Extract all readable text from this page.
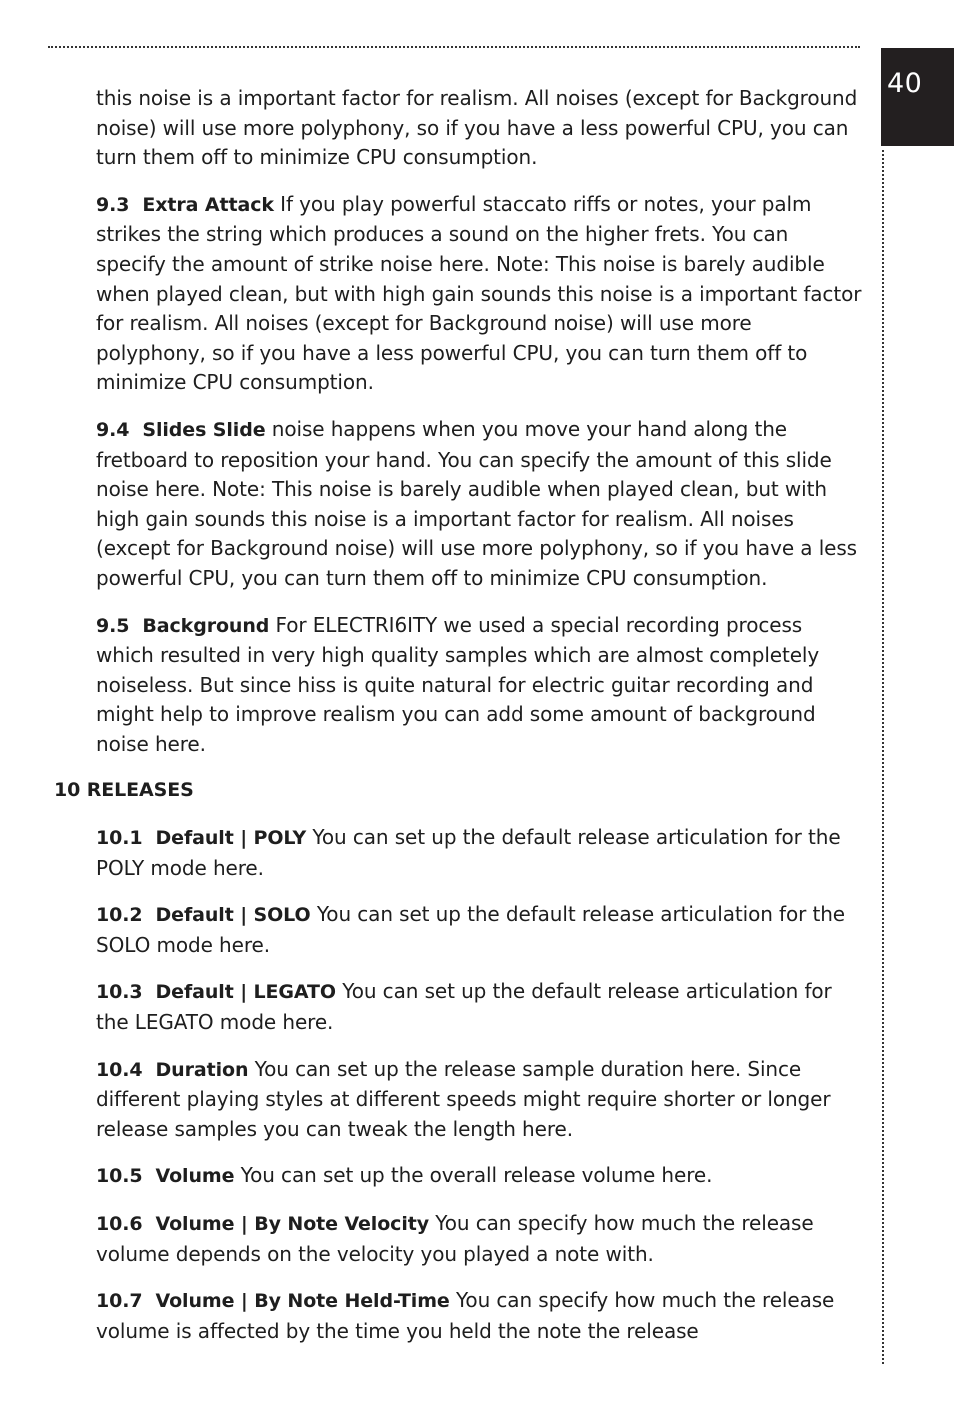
40

this noise is a important factor for realism. All noises (except for Background noise) will use more polyphony, so if you have a less powerful CPU, you can turn them off to minimize CPU consumption.

9.3 Extra Attack If you play powerful staccato riffs or notes, your palm strikes the string which produces a sound on the higher frets. You can specify the amount of strike noise here. Note: This noise is barely audible when played clean, but with high gain sounds this noise is a important factor for realism. All noises (except for Background noise) will use more polyphony, so if you have a less powerful CPU, you can turn them off to minimize CPU consumption.

9.4 Slides Slide noise happens when you move your hand along the fretboard to reposition your hand. You can specify the amount of this slide noise here. Note: This noise is barely audible when played clean, but with high gain sounds this noise is a important factor for realism. All noises (except for Background noise) will use more polyphony, so if you have a less powerful CPU, you can turn them off to minimize CPU consumption.

9.5 Background For ELECTRI6ITY we used a special recording process which resulted in very high quality samples which are almost completely noiseless. But since hiss is quite natural for electric guitar recording and might help to improve realism you can add some amount of background noise here.

10 RELEASES

10.1 Default | POLY You can set up the default release articulation for the POLY mode here.

10.2 Default | SOLO You can set up the default release articulation for the SOLO mode here.

10.3 Default | LEGATO You can set up the default release articulation for the LEGATO mode here.

10.4 Duration You can set up the release sample duration here. Since different playing styles at different speeds might require shorter or longer release samples you can tweak the length here.

10.5 Volume You can set up the overall release volume here.

10.6 Volume | By Note Velocity You can specify how much the release volume depends on the velocity you played a note with.

10.7 Volume | By Note Held-Time You can specify how much the release volume is affected by the time you held the note the release
